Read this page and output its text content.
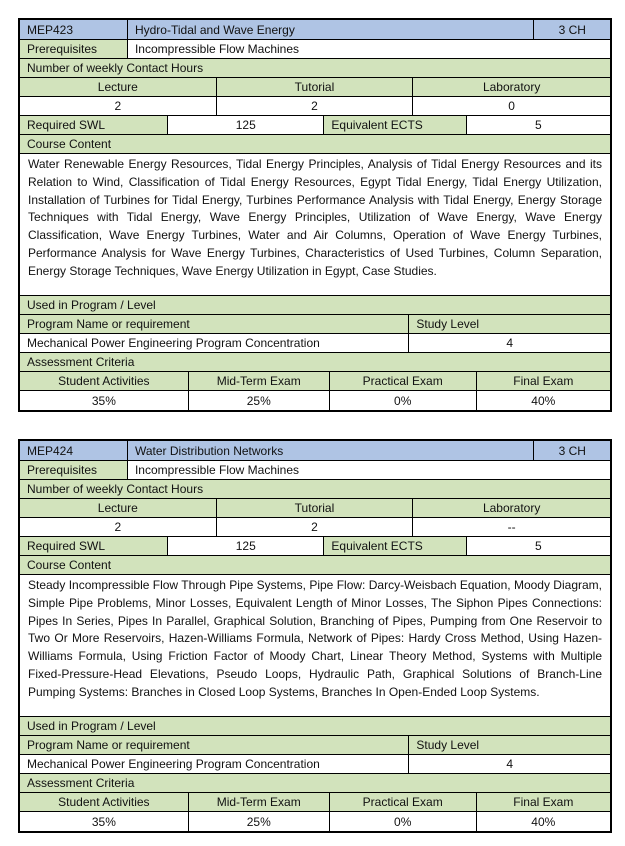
MEP423	Hydro-Tidal and Wave Energy	3 CH
Prerequisites	Incompressible Flow Machines
Number of weekly Contact Hours
Lecture	Tutorial	Laboratory
2	2	0
Required SWL	125	Equivalent ECTS	5
Course Content
Water Renewable Energy Resources, Tidal Energy Principles, Analysis of Tidal Energy Resources and its Relation to Wind, Classification of Tidal Energy Resources, Egypt Tidal Energy, Tidal Energy Utilization, Installation of Turbines for Tidal Energy, Turbines Performance Analysis with Tidal Energy, Energy Storage Techniques with Tidal Energy, Wave Energy Principles, Utilization of Wave Energy, Wave Energy Classification, Wave Energy Turbines, Water and Air Columns, Operation of Wave Energy Turbines, Performance Analysis for Wave Energy Turbines, Characteristics of Used Turbines, Column Separation, Energy Storage Techniques, Wave Energy Utilization in Egypt, Case Studies.
Used in Program / Level
Program Name or requirement	Study Level
Mechanical Power Engineering Program Concentration	4
Assessment Criteria
Student Activities	Mid-Term Exam	Practical Exam	Final Exam
35%	25%	0%	40%
MEP424	Water Distribution Networks	3 CH
Prerequisites	Incompressible Flow Machines
Number of weekly Contact Hours
Lecture	Tutorial	Laboratory
2	2	--
Required SWL	125	Equivalent ECTS	5
Course Content
Steady Incompressible Flow Through Pipe Systems, Pipe Flow: Darcy-Weisbach Equation, Moody Diagram, Simple Pipe Problems, Minor Losses, Equivalent Length of Minor Losses, The Siphon Pipes Connections: Pipes In Series, Pipes In Parallel, Graphical Solution, Branching of Pipes, Pumping from One Reservoir to Two Or More Reservoirs, Hazen-Williams Formula, Network of Pipes: Hardy Cross Method, Using Hazen-Williams Formula, Using Friction Factor of Moody Chart, Linear Theory Method, Systems with Multiple Fixed-Pressure-Head Elevations, Pseudo Loops, Hydraulic Path, Graphical Solutions of Branch-Line Pumping Systems: Branches in Closed Loop Systems, Branches In Open-Ended Loop Systems.
Used in Program / Level
Program Name or requirement	Study Level
Mechanical Power Engineering Program Concentration	4
Assessment Criteria
Student Activities	Mid-Term Exam	Practical Exam	Final Exam
35%	25%	0%	40%
